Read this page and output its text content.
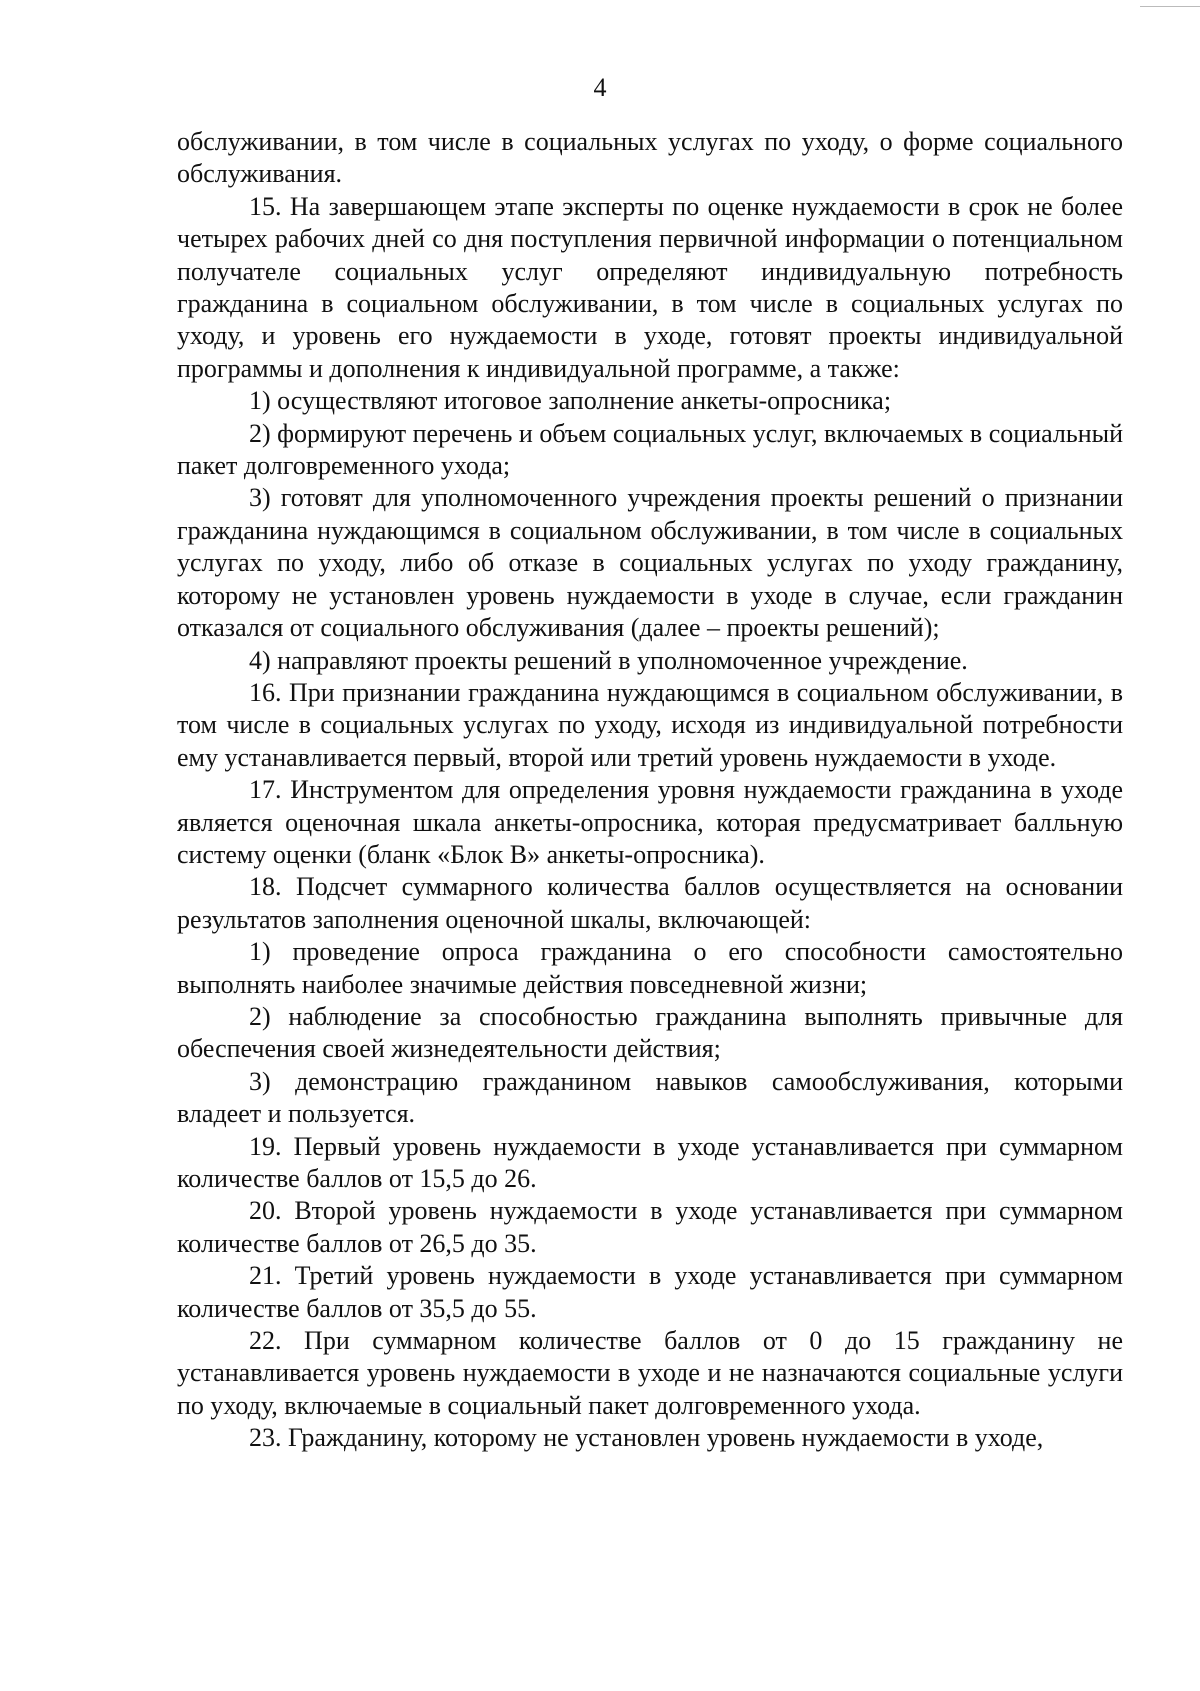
4

обслуживании, в том числе в социальных услугах по уходу, о форме социального обслуживания.

15. На завершающем этапе эксперты по оценке нуждаемости в срок не более четырех рабочих дней со дня поступления первичной информации о потенциальном получателе социальных услуг определяют индивидуальную потребность гражданина в социальном обслуживании, в том числе в социальных услугах по уходу, и уровень его нуждаемости в уходе, готовят проекты индивидуальной программы и дополнения к индивидуальной программе, а также:

1) осуществляют итоговое заполнение анкеты-опросника;

2) формируют перечень и объем социальных услуг, включаемых в социальный пакет долговременного ухода;

3) готовят для уполномоченного учреждения проекты решений о признании гражданина нуждающимся в социальном обслуживании, в том числе в социальных услугах по уходу, либо об отказе в социальных услугах по уходу гражданину, которому не установлен уровень нуждаемости в уходе в случае, если гражданин отказался от социального обслуживания (далее – проекты решений);

4) направляют проекты решений в уполномоченное учреждение.

16. При признании гражданина нуждающимся в социальном обслуживании, в том числе в социальных услугах по уходу, исходя из индивидуальной потребности ему устанавливается первый, второй или третий уровень нуждаемости в уходе.

17. Инструментом для определения уровня нуждаемости гражданина в уходе является оценочная шкала анкеты-опросника, которая предусматривает балльную систему оценки (бланк «Блок В» анкеты-опросника).

18. Подсчет суммарного количества баллов осуществляется на основании результатов заполнения оценочной шкалы, включающей:

1) проведение опроса гражданина о его способности самостоятельно выполнять наиболее значимые действия повседневной жизни;

2) наблюдение за способностью гражданина выполнять привычные для обеспечения своей жизнедеятельности действия;

3) демонстрацию гражданином навыков самообслуживания, которыми владеет и пользуется.

19. Первый уровень нуждаемости в уходе устанавливается при суммарном количестве баллов от 15,5 до 26.

20. Второй уровень нуждаемости в уходе устанавливается при суммарном количестве баллов от 26,5 до 35.

21. Третий уровень нуждаемости в уходе устанавливается при суммарном количестве баллов от 35,5 до 55.

22. При суммарном количестве баллов от 0 до 15 гражданину не устанавливается уровень нуждаемости в уходе и не назначаются социальные услуги по уходу, включаемые в социальный пакет долговременного ухода.

23. Гражданину, которому не установлен уровень нуждаемости в уходе,
